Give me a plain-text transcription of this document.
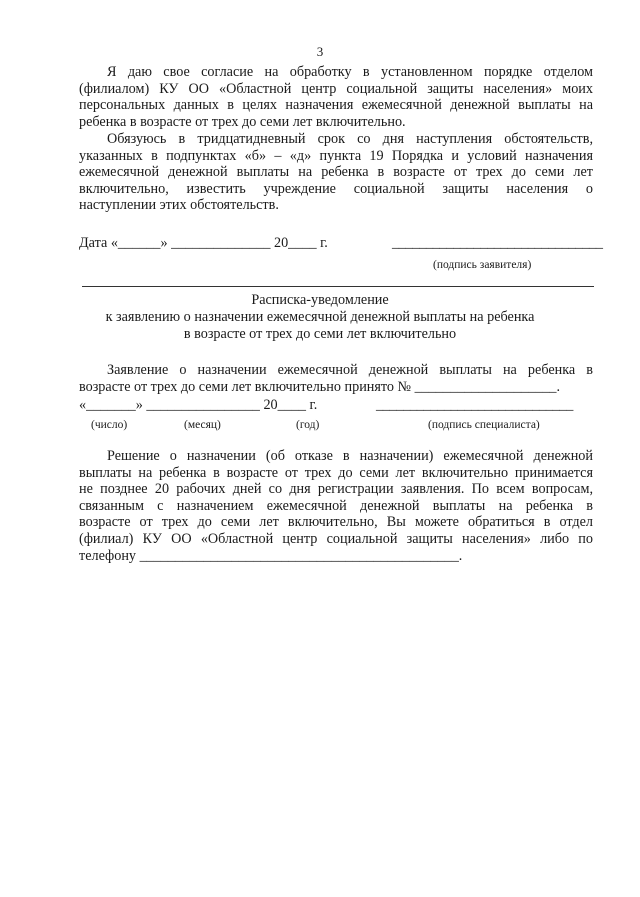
3
Я даю свое согласие на обработку в установленном порядке отделом
(филиалом) КУ ОО «Областной центр социальной защиты населения» моих
персональных данных в целях назначения ежемесячной денежной выплаты на
ребенка в возрасте от трех до семи лет включительно.
Обязуюсь в тридцатидневный срок со дня наступления обстоятельств,
указанных в подпунктах «б» – «д» пункта 19 Порядка и условий назначения
ежемесячной денежной выплаты на ребенка в возрасте от трех до семи лет
включительно, известить учреждение социальной защиты населения о
наступлении этих обстоятельств.
Дата «______» ______________ 20____ г.	_______________________________
(подпись заявителя)
Расписка-уведомление
к заявлению о назначении ежемесячной денежной выплаты на ребенка
в возрасте от трех до семи лет включительно
Заявление о назначении ежемесячной денежной выплаты на ребенка в
возрасте от трех до семи лет включительно принято № ____________________.
«_______» ________________ 20____ г.	_____________________________
(число)	(месяц)	(год)	(подпись специалиста)
Решение о назначении (об отказе в назначении) ежемесячной денежной
выплаты на ребенка в возрасте от трех до семи лет включительно принимается
не позднее 20 рабочих дней со дня регистрации заявления. По всем вопросам,
связанным с назначением ежемесячной денежной выплаты на ребенка в
возрасте от трех до семи лет включительно, Вы можете обратиться в отдел
(филиал) КУ ОО «Областной центр социальной защиты населения» либо по
телефону _____________________________________________.
